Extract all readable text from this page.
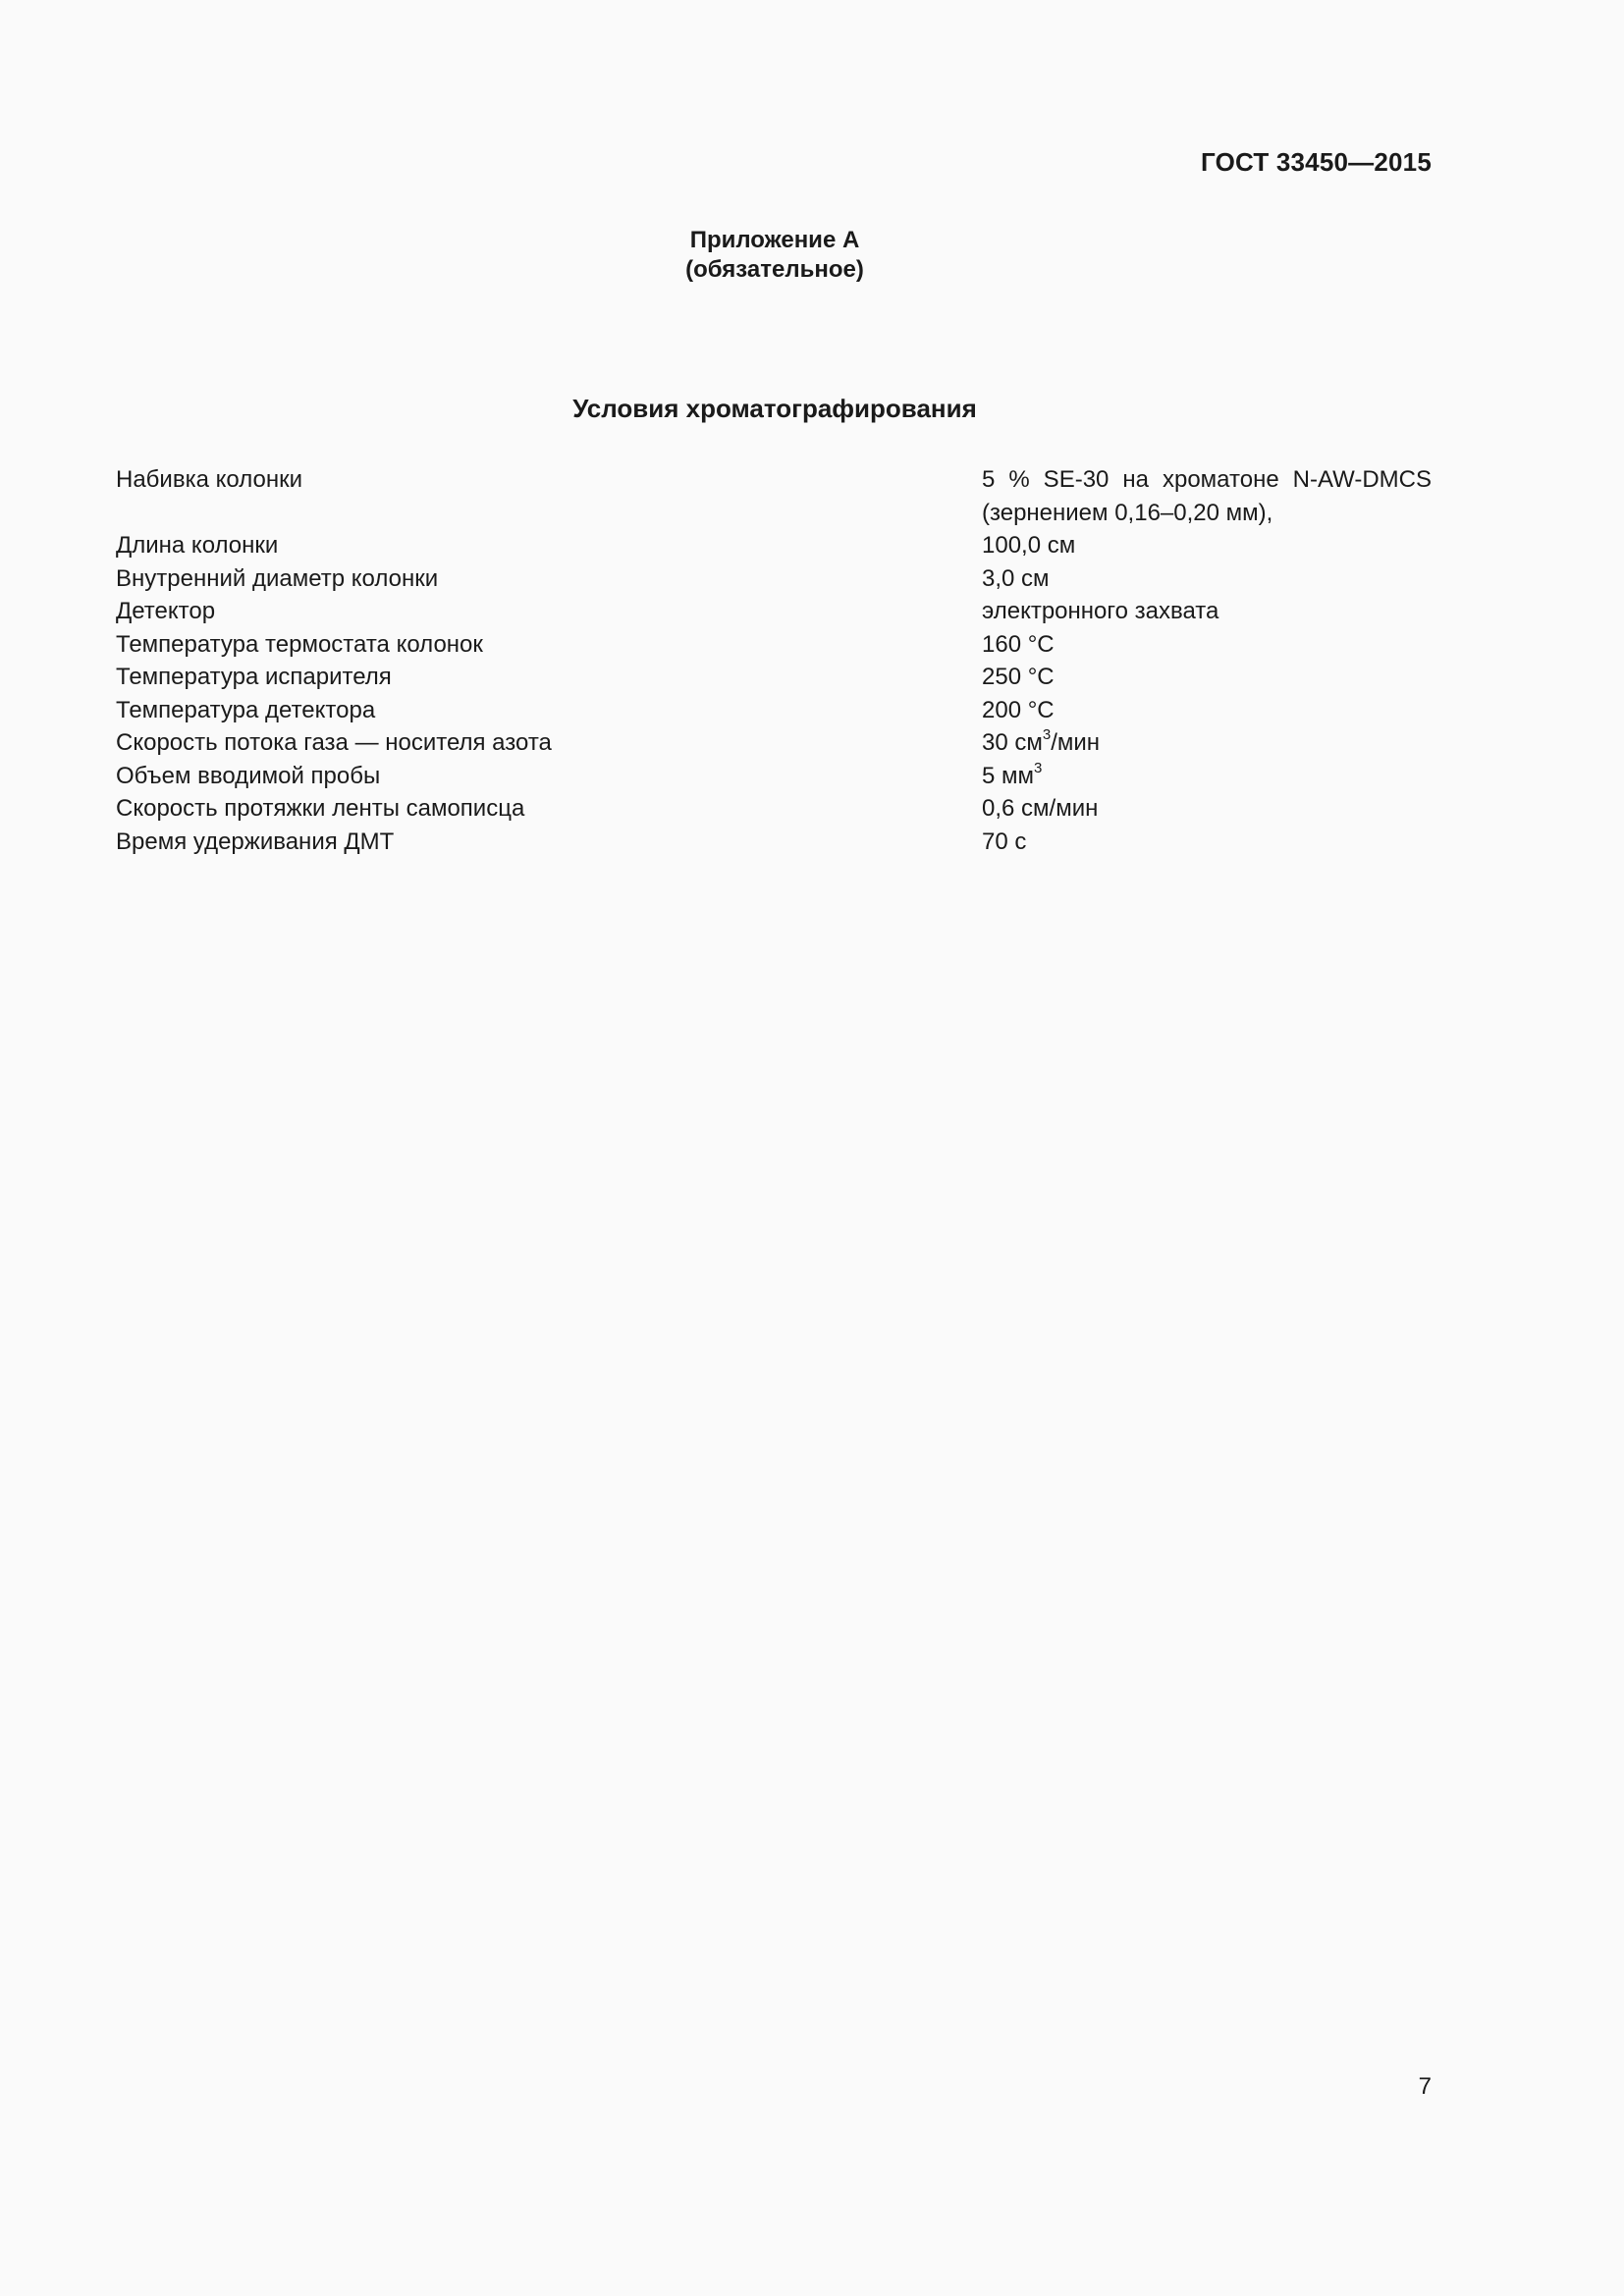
ГОСТ 33450—2015
Приложение А
(обязательное)
Условия хроматографирования
Набивка колонки	5 % SE-30 на хроматоне N-AW-DMCS
(зернением 0,16–0,20 мм),
Длина колонки	100,0 см
Внутренний диаметр колонки	3,0 см
Детектор	электронного захвата
Температура термостата колонок	160 °С
Температура испарителя	250 °С
Температура детектора	200 °С
Скорость потока газа — носителя азота	30 $см^3$/мин
Объем вводимой пробы	5 $мм^3$
Скорость протяжки ленты самописца	0,6 см/мин
Время удерживания ДМТ	70 с
7
